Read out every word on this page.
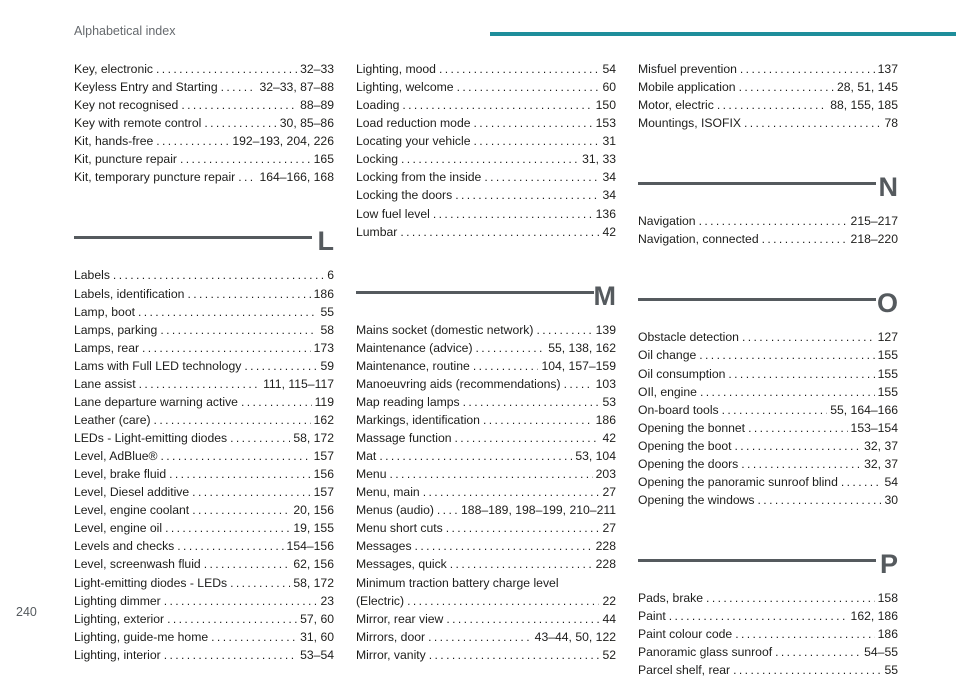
Alphabetical index
Key, electronic . . .	32–33
Keyless Entry and Starting . . .	32–33, 87–88
Key not recognised . . .	88–89
Key with remote control . . .	30, 85–86
Kit, hands-free . . .	192–193, 204, 226
Kit, puncture repair . . .	165
Kit, temporary puncture repair . . . 164–166, 168
L
Labels . . .	6
Labels, identification . . .	186
Lamp, boot . . .	55
Lamps, parking . . .	58
Lamps, rear . . .	173
Lams with Full LED technology . . .	59
Lane assist . . .	111, 115–117
Lane departure warning active . . .	119
Leather (care) . . .	162
LEDs - Light-emitting diodes . . .	58, 172
Level, AdBlue® . . .	157
Level, brake fluid . . .	156
Level, Diesel additive . . .	157
Level, engine coolant . . .	20, 156
Level, engine oil . . .	19, 155
Levels and checks . . .	154–156
Level, screenwash fluid . . .	62, 156
Light-emitting diodes - LEDs . . .	58, 172
Lighting dimmer . . .	23
Lighting, exterior . . .	57, 60
Lighting, guide-me home . . .	31, 60
Lighting, interior . . .	53–54
Lighting, mood . . .	54
Lighting, welcome . . .	60
Loading . . .	150
Load reduction mode . . .	153
Locating your vehicle . . .	31
Locking . . .	31, 33
Locking from the inside . . .	34
Locking the doors . . .	34
Low fuel level . . .	136
Lumbar . . .	42
M
Mains socket (domestic network) . . .	139
Maintenance (advice) . . .	55, 138, 162
Maintenance, routine . . .	104, 157–159
Manoeuvring aids (recommendations) . . .	103
Map reading lamps . . .	53
Markings, identification . . .	186
Massage function . . .	42
Mat . . .	53, 104
Menu . . .	203
Menu, main . . .	27
Menus (audio) . . . 188–189, 198–199, 210–211
Menu short cuts . . .	27
Messages . . .	228
Messages, quick . . .	228
Minimum traction battery charge level
(Electric) . . .	22
Mirror, rear view . . .	44
Mirrors, door . . .	43–44, 50, 122
Mirror, vanity . . .	52
Misfuel prevention . . .	137
Mobile application . . .	28, 51, 145
Motor, electric . . .	88, 155, 185
Mountings, ISOFIX . . .	78
N
Navigation . . .	215–217
Navigation, connected . . .	218–220
O
Obstacle detection . . .	127
Oil change . . .	155
Oil consumption . . .	155
OIl, engine . . .	155
On-board tools . . .	55, 164–166
Opening the bonnet . . .	153–154
Opening the boot . . .	32, 37
Opening the doors . . .	32, 37
Opening the panoramic sunroof blind . . .	54
Opening the windows . . .	30
P
Pads, brake . . .	158
Paint . . .	162, 186
Paint colour code . . .	186
Panoramic glass sunroof . . .	54–55
Parcel shelf, rear . . .	55
240
